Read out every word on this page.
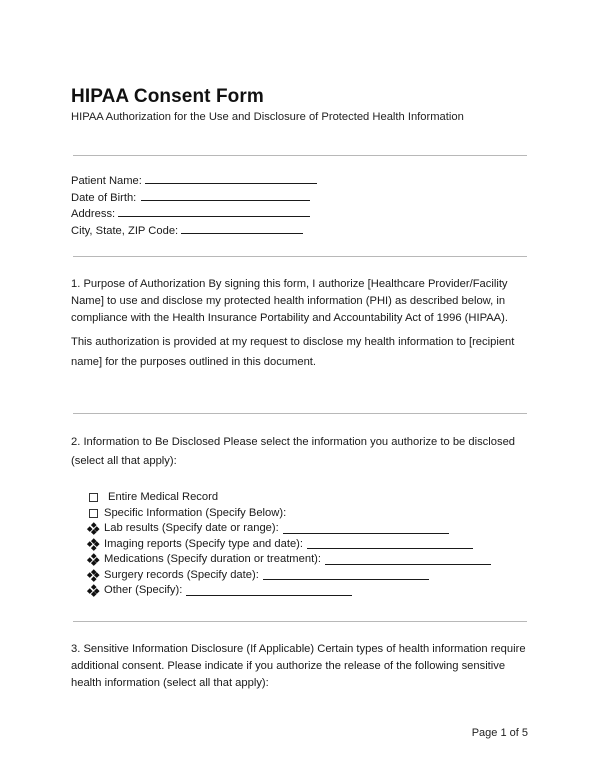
HIPAA Consent Form
HIPAA Authorization for the Use and Disclosure of Protected Health Information
Patient Name:
Date of Birth:
Address:
City, State, ZIP Code:
1. Purpose of Authorization By signing this form, I authorize [Healthcare Provider/Facility Name] to use and disclose my protected health information (PHI) as described below, in compliance with the Health Insurance Portability and Accountability Act of 1996 (HIPAA).
This authorization is provided at my request to disclose my health information to [recipient name] for the purposes outlined in this document.
2. Information to Be Disclosed Please select the information you authorize to be disclosed (select all that apply):
Entire Medical Record
Specific Information (Specify Below):
Lab results (Specify date or range):
Imaging reports (Specify type and date):
Medications (Specify duration or treatment):
Surgery records (Specify date):
Other (Specify):
3. Sensitive Information Disclosure (If Applicable) Certain types of health information require additional consent. Please indicate if you authorize the release of the following sensitive health information (select all that apply):
Page 1 of 5
